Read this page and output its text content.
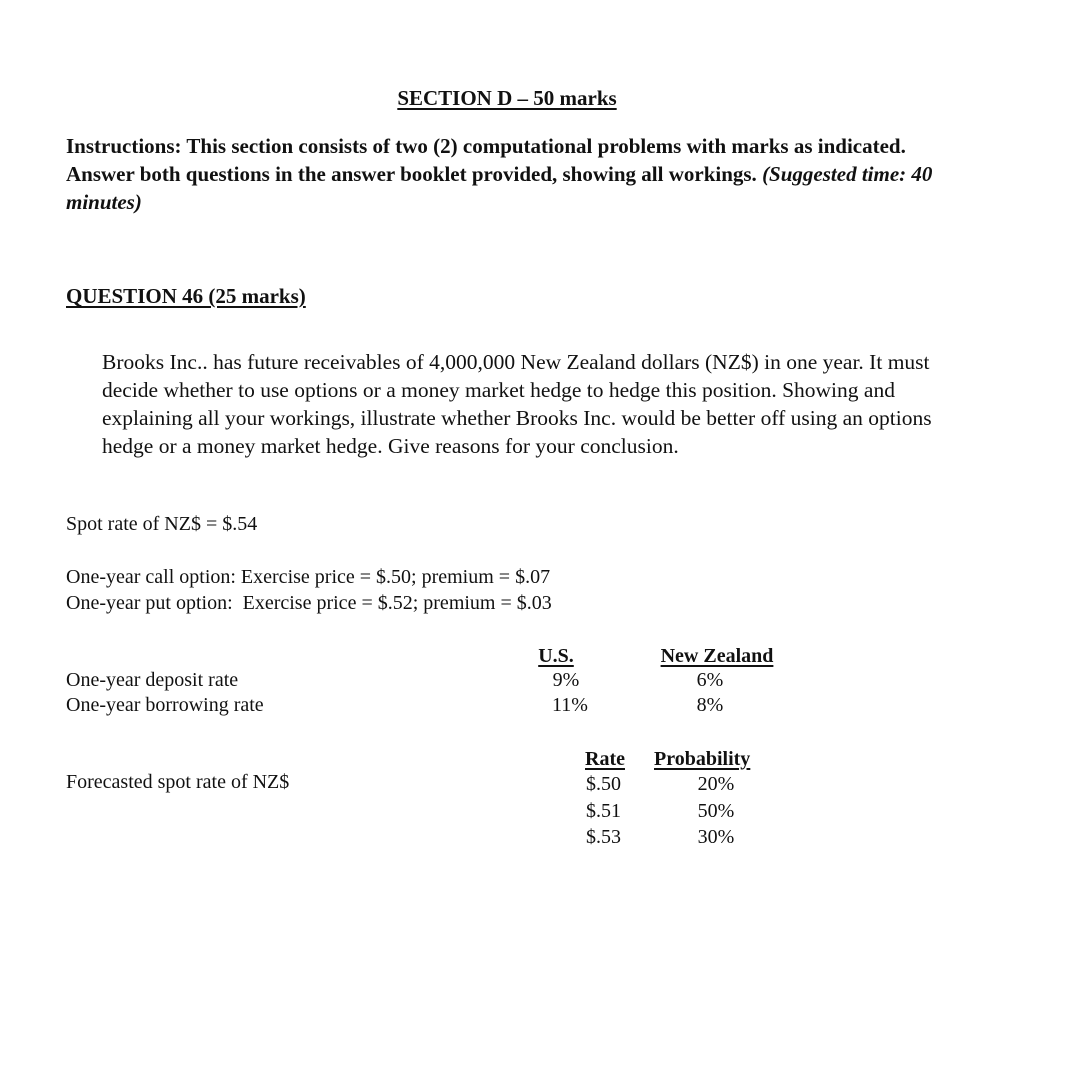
SECTION D – 50 marks
Instructions: This section consists of two (2) computational problems with marks as indicated. Answer both questions in the answer booklet provided, showing all workings. (Suggested time: 40 minutes)
QUESTION 46 (25 marks)
Brooks Inc.. has future receivables of 4,000,000 New Zealand dollars (NZ$) in one year. It must decide whether to use options or a money market hedge to hedge this position. Showing and explaining all your workings, illustrate whether Brooks Inc. would be better off using an options hedge or a money market hedge. Give reasons for your conclusion.
Spot rate of NZ$ = $.54
One-year call option: Exercise price = $.50; premium = $.07
One-year put option:  Exercise price = $.52; premium = $.03
U.S.	New Zealand
One-year deposit rate	9%	6%
One-year borrowing rate	11%	8%
Rate Probability
Forecasted spot rate of NZ$	$.50	20%
$.51	50%
$.53	30%
